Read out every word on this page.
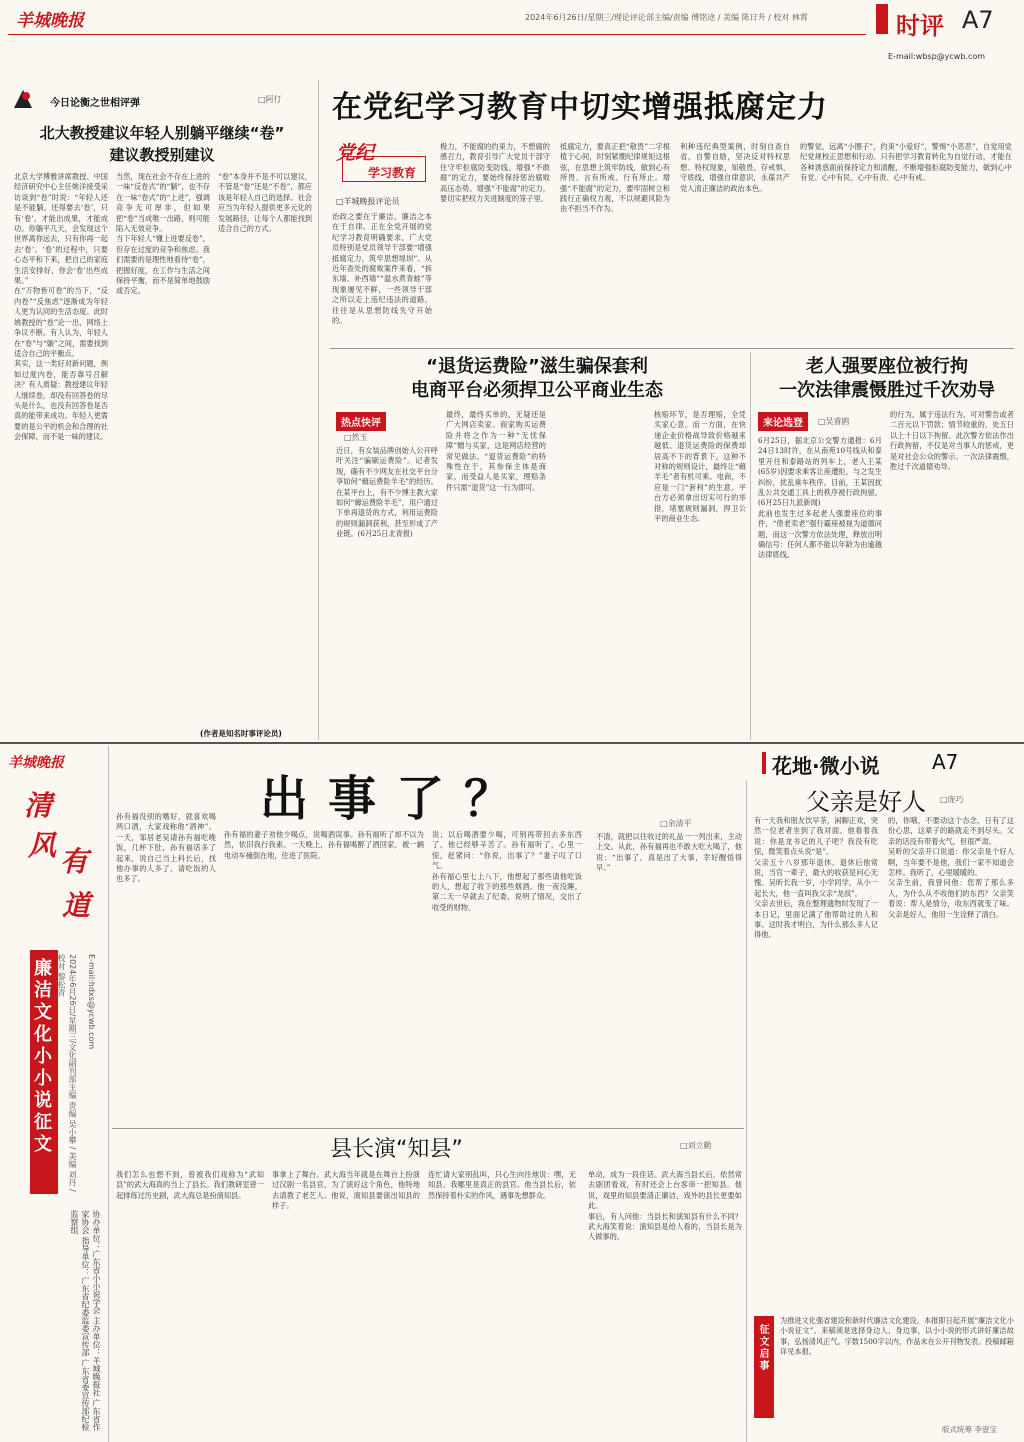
羊城晚报	2024年6月26日/星期三/理论评论部主编/责编 傅铭途 / 美编 陈日升 / 校对 林霄	时评 A7
E-mail:wbsp@ycwb.com
今日论衡之世相评弹	□阿仃
北大教授建议年轻人别躺平继续“卷”
建议教授别建议

北京大学博雅讲席教授、中国经济研究中心主任姚洋接受采访谈到“卷”时说：“年轻人还是不能躺，还得要去‘卷’，只有‘卷’，才能出成果，才能成功。你躺平几天，会发现这个世界离你远去，只有你再一起去‘卷’。‘卷’的过程中，只要心态平和下来，把自己的家庭生活安排好，你会‘卷’出些成果。”

在“万物皆可卷”的当下，“反内卷”“反焦虑”逐渐成为年轻人更为认同的生活态度。此时姚教授的“卷”论一出，网络上争议不断。有人认为，年轻人在“卷”与“躺”之间，需要找到适合自己的平衡点。

其实，这一类好对新问题，例如过度内卷，能否靠号召解决？有人质疑：教授建议年轻人继续卷，却没有回答卷的尽头是什么，也没有回答卷是否真的能带来成功。年轻人更需要的是公平的机会和合理的社会保障，而不是一味的建议。

当然，现在社会不存在上进的一味“反卷式”的“躺”，也不存在一味“卷式”的“上进”，强调竞争无可厚非，但如果把“卷”当成唯一出路，则可能陷入无效竞争。

当下年轻人“懂上进要反卷”，但存在过度的竞争和焦虑。我们需要的是理性地看待“卷”，把握好度，在工作与生活之间保持平衡，而不是简单地鼓励或否定。

“卷”本身并不是不可以建议，不管是“卷”还是“不卷”，都应该是年轻人自己的选择。社会应当为年轻人提供更多元化的发展路径，让每个人都能找到适合自己的方式。

(作者是知名时事评论员)
在党纪学习教育中切实增强抵腐定力
党纪
学习教育
□羊城晚报评论员

治政之要在于廉洁，廉洁之本在于自律。正在全党开展的党纪学习教育明确要求，广大党员特别是党员领导干部要“增强抵腐定力，筑牢思想堤坝”。从近年查处的腐败案件来看，“拆东墙、补西墙”“温水煮青蛙”等现象屡见不鲜，一些领导干部之所以走上违纪违法的道路，往往是从思想防线失守开始的。

极力，不能腐的约束力，不想腐的感召力，教育引导广大党员干部守住守牢拒腐防变防线。增强“不敢腐”的定力，要始终保持惩治腐败高压态势。增强“不能腐”的定力，要切实把权力关进制度的笼子里。

抵腐定力，要真正把“敬畏”二字根植于心间，时刻紧绷纪律规矩这根弦，在思想上筑牢防线，做到心有所畏、言有所戒、行有所止。增强“不能腐”的定力，要牢固树立和践行正确权力观，不以规避风险为由不担当不作为。

利种违纪典型案例，时刻自查自省，自警自励，坚决反对特权思想、特权现象，知敬畏、存戒惧、守底线，增强自律意识，永葆共产党人清正廉洁的政治本色。

的警觉，远离“小圈子”，约束“小爱好”，警惕“小恶恶”，自觉用党纪党规校正思想和行动。只有把学习教育转化为自觉行动，才能在各种诱惑面前保持定力和清醒，不断增强拒腐防变能力，做到心中有党、心中有民、心中有责、心中有戒。

“退货运费险”滋生骗保套利
电商平台必须捍卫公平商业生态
热点快评
□然玉

近日，有女装品牌创始人公开呼吁关注“骗刷运费险”。记者发现，确有不少网友在社交平台分享如何“薅运费险羊毛”的经历。在某平台上，有不少博主教大家如何“薅运费险羊毛”，用户通过下单再退货的方式，利用运费险的规则漏洞获利，甚至形成了产业链。(6月25日北青报)

最终，最终买单的，无疑还是广大网店卖家。商家购买运费险并将之作为一种“无忧保障”赠与买家，这是网店经营的常见做法。“退货运费险”的特殊性在于，其参保主体是商家，而受益人是买家，理赔条件只需“退货”这一行为即可。

核赔环节，是否理赔，全凭买家心意。而一方面，在快递企业价格战导致价格越来越低、退货运费险的保费却居高不下的背景下，这种不对称的规则设计，最终让“薅羊毛”者有机可乘。电商，不应是一门“套利”的生意。平台方必须拿出切实可行的举措，堵塞规则漏洞，捍卫公平的商业生态。

老人强要座位被行拘
一次法律震慑胜过千次劝导
来论选登	□吴睿鸥

6月25日，据北京公交警方通报：6月24日13时许，在从南苑10号线从和泰里开往和泰路站的列车上，老人王某(65岁)因要求乘客让座遭拒，与之发生纠纷，扰乱乘车秩序。目前，王某因扰乱公共交通工具上的秩序被行政拘留。(6月25日九派新闻)

此前也发生过多起老人强要座位的事件，“倚老卖老”强行霸座被视为道德问题，而这一次警方依法处理，释放出明确信号：任何人都不能以年龄为由逾越法律底线。

的行为，属于违法行为，可对警告或者二百元以下罚款；情节较重的，处五日以上十日以下拘留。此次警方依法作出行政拘留，不仅是对当事人的惩戒，更是对社会公众的警示。一次法律震慑，胜过千次道德劝导。

羊城晚报
清
风 有
道
廉洁文化小小说征文	2024年6月26日/星期三/文化副刊部主编 责编 吴小攀 / 美编 刘丹 / 校对 黎松青	E-mail:hdxs@ycwb.com
协办单位：广东省小小说学会 主办单位：羊城晚报社 广东省作家协会 指导单位：广东省纪委监委宣传部 广东省委宣传部纪检监察组
花地·微小说	A7
出事了？	□余清平

孙有福没别的嗜好，就喜欢喝两口酒，大家戏称他“酒神”。一天，邹居老吴请孙有福吃晚饭，几杯下肚，孙有福话多了起来，说自己当上科长后，找他办事的人多了，请吃饭的人也多了。

孙有福的妻子劝他少喝点，说喝酒误事。孙有福听了却不以为然，依旧我行我素。一天晚上，孙有福喝醉了酒回家，被一辆电动车撞倒在地，住进了医院。

说；以后喝酒要少喝，可别再带回去多东西了，他已经够辛苦了。孙有福听了，心里一惊，赶紧问：“你说，出事了？”妻子叹了口气。

孙有福心里七上八下，他想起了那些请他吃饭的人，想起了收下的那些烟酒。他一夜没睡，第二天一早就去了纪委，说明了情况，交出了收受的财物。

不清，就把以往收过的礼品一一列出来，主动上交。从此，孙有福再也不敢大吃大喝了，他说：“出事了，真是出了大事，幸好醒悟得早。”

父亲是好人 □庞巧

有一天我和朋友饮早茶，闲聊正欢，突然一位老者坐到了我对面。他看着我说：你是龙书记的儿子吧？我没有吃惊，微笑着点头说“是”。

父亲五十八岁那年退休。退休后他常说，当官一辈子，最大的收获是问心无愧。吴昕长我一岁，小学同学，从小一起长大，他一直叫我父亲“龙叔”。

父亲去世后，我在整理遗物时发现了一本日记，里面记满了他帮助过的人和事。这时我才明白，为什么那么多人记得他。

的，你哦，不要动这个态念，日有了这份心思，这辈子的路就走不到尽头。父亲的话没有带着火气，但很严肃。

吴昕的父亲开口说道：你父亲是个好人啊，当年要不是他，我们一家不知道会怎样。我听了，心里暖暖的。

父亲生前，我曾问他：您帮了那么多人，为什么从不收他们的东西？父亲笑着说：帮人是情分，收东西就变了味。父亲是好人，他用一生诠释了清白。

征文启事
为推进文化强省建设和新时代廉洁文化建设，本报即日起开展“廉洁文化小小说征文”。来稿须是选择身边人、身边事，以小小说的形式讲好廉洁故事，弘扬清风正气。字数1500字以内，作品未在公开刊物发表。投稿邮箱详见本报。
版式统筹 李壹宝
县长演“知县”	□刘立勤

我们怎么也想不到，曾被我们戏称为“武知县”的武大海真的当上了县长。我们教研室曾一起排练过历史剧，武大海总是扮演知县。

事拿上了舞台。武大海当年就是在舞台上扮演过汉剧一名县官，为了演好这个角色，他特地去请教了老艺人。他说，演知县要演出知县的样子。

连忙请大家别乱叫，只心生向往地说：嘿，无知县、我哪里是真正的县官。他当县长后，依然保持着朴实的作风，遇事先想群众。

单动，成为一段佳话。武大海当县长后，依然常去剧团看戏，有时还会上台客串一把知县。他说，戏里的知县要清正廉洁，戏外的县长更要如此。

事后，有人问他：当县长和演知县有什么不同？武大海笑着说：演知县是给人看的，当县长是为人做事的。
